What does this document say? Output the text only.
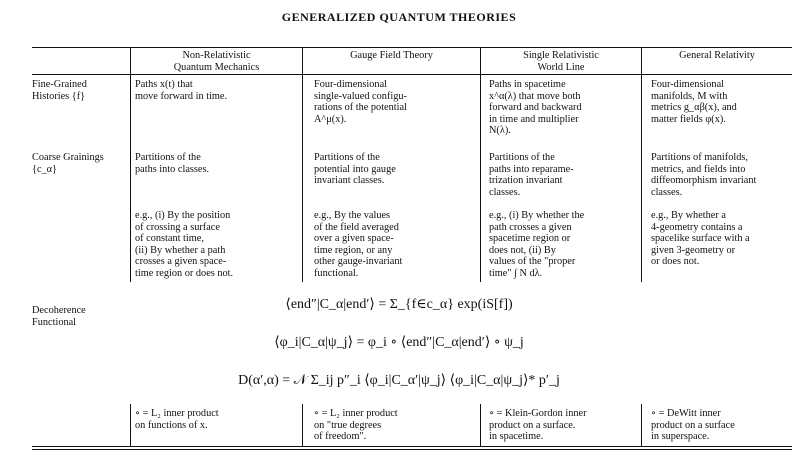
GENERALIZED QUANTUM THEORIES
Non-Relativistic
Quantum Mechanics
Gauge Field Theory	Single Relativistic
World Line
General Relativity
Fine-Grained
Histories {f}
Coarse Grainings
{c_α}
Decoherence
Functional
Paths x(t) that
move forward in time.
Four-dimensional
single-valued configu-
rations of the potential
A^μ(x).
Paths in spacetime
x^α(λ) that move both
forward and backward
in time and multiplier
N(λ).
Four-dimensional
manifolds, M with
metrics g_αβ(x), and
matter fields φ(x).
Partitions of the
paths into classes.
Partitions of the
potential into gauge
invariant classes.
Partitions of the
paths into reparame-
trization invariant
classes.
Partitions of manifolds,
metrics, and fields into
diffeomorphism invariant
classes.
e.g., (i) By the position
of crossing a surface
of constant time,
(ii) By whether a path
crosses a given space-
time region or does not.
e.g., By the values
of the field averaged
over a given space-
time region, or any
other gauge-invariant
functional.
e.g., (i) By whether the
path crosses a given
spacetime region or
does not, (ii) By
values of the "proper
time" ∫ N dλ.
e.g., By whether a
4-geometry contains a
spacelike surface with a
given 3-geometry or
or does not.
⟨end″|C_α|end′⟩ = Σ_{f∈c_α} exp(iS[f])
⟨φ_i|C_α|ψ_j⟩ = φ_i ∘ ⟨end″|C_α|end′⟩ ∘ ψ_j
D(α′,α) = 𝒩 Σ_ij p″_i ⟨φ_i|C_α′|ψ_j⟩ ⟨φ_i|C_α|ψ_j⟩* p′_j
∘ = L₂ inner product
on functions of x.
∘ = L₂ inner product
on "true degrees
of freedom".
∘ = Klein-Gordon inner
product on a surface.
in spacetime.
∘ = DeWitt inner
product on a surface
in superspace.
